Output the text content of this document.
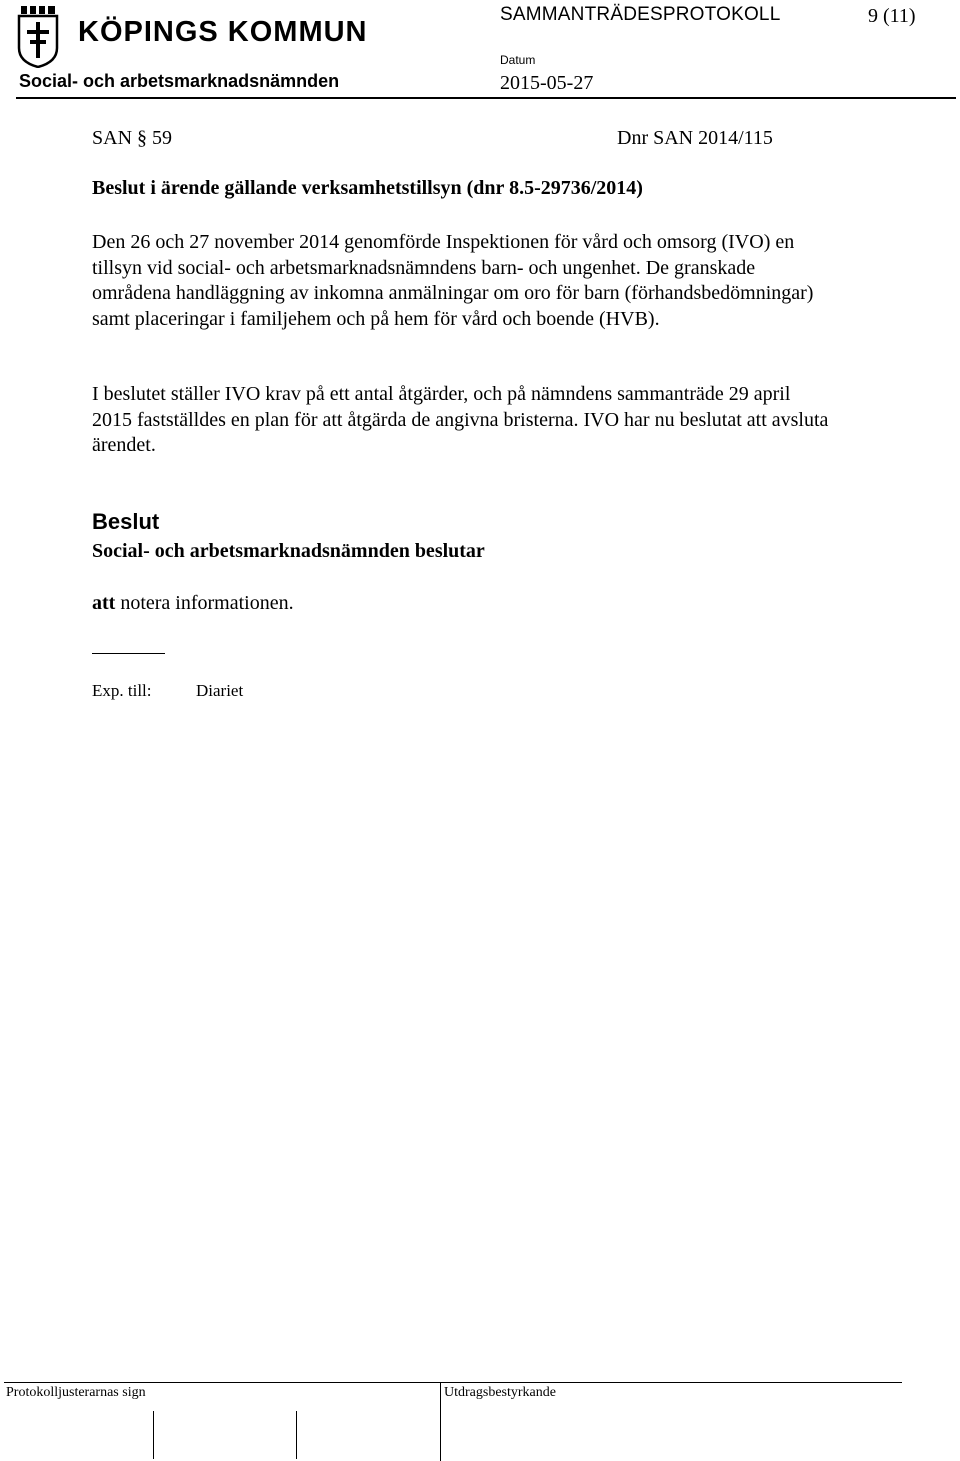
KÖPINGS KOMMUN
SAMMANTRÄDESPROTOKOLL	9 (11)
Social- och arbetsmarknadsnämnden
Datum
2015-05-27
SAN § 59	Dnr SAN 2014/115
Beslut i ärende gällande verksamhetstillsyn (dnr 8.5-29736/2014)

Den 26 och 27 november 2014 genomförde Inspektionen för vård och omsorg (IVO) en tillsyn vid social- och arbetsmarknadsnämndens barn- och ungenhet. De granskade områdena handläggning av inkomna anmälningar om oro för barn (förhandsbedömningar) samt placeringar i familjehem och på hem för vård och boende (HVB).

I beslutet ställer IVO krav på ett antal åtgärder, och på nämndens sammanträde 29 april 2015 fastställdes en plan för att åtgärda de angivna bristerna. IVO har nu beslutat att avsluta ärendet.

Beslut
Social- och arbetsmarknadsnämnden beslutar
att notera informationen.
Exp. till:	Diariet
Protokolljusterarnas sign	Utdragsbestyrkande
